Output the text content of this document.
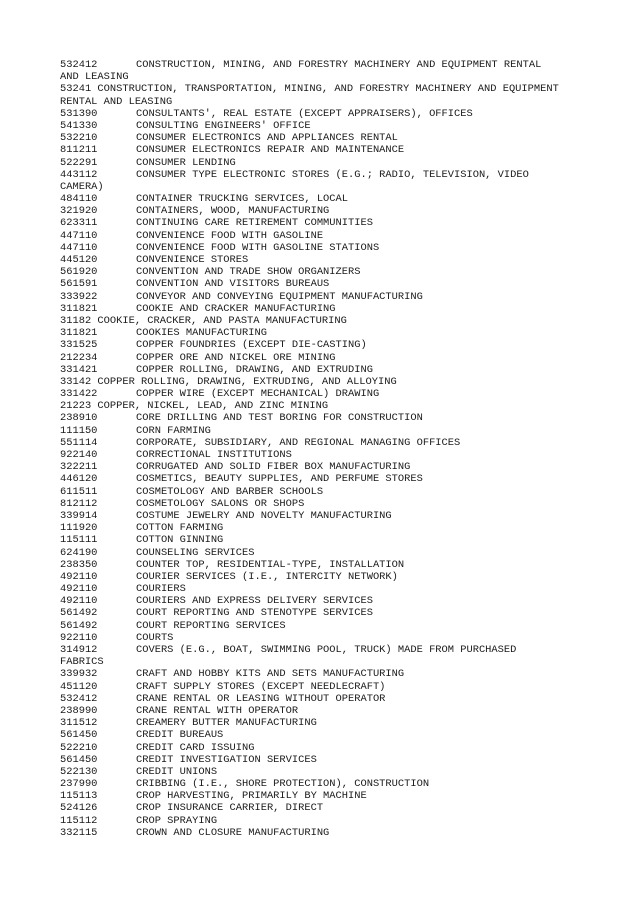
532412	CONSTRUCTION, MINING, AND FORESTRY MACHINERY AND EQUIPMENT RENTAL
AND LEASING
53241 CONSTRUCTION, TRANSPORTATION, MINING, AND FORESTRY MACHINERY AND EQUIPMENT
RENTAL AND LEASING
531390	CONSULTANTS', REAL ESTATE (EXCEPT APPRAISERS), OFFICES
541330	CONSULTING ENGINEERS' OFFICE
532210	CONSUMER ELECTRONICS AND APPLIANCES RENTAL
811211	CONSUMER ELECTRONICS REPAIR AND MAINTENANCE
522291	CONSUMER LENDING
443112	CONSUMER TYPE ELECTRONIC STORES (E.G.; RADIO, TELEVISION, VIDEO
CAMERA)
484110	CONTAINER TRUCKING SERVICES, LOCAL
321920	CONTAINERS, WOOD, MANUFACTURING
623311	CONTINUING CARE RETIREMENT COMMUNITIES
447110	CONVENIENCE FOOD WITH GASOLINE
447110	CONVENIENCE FOOD WITH GASOLINE STATIONS
445120	CONVENIENCE STORES
561920	CONVENTION AND TRADE SHOW ORGANIZERS
561591	CONVENTION AND VISITORS BUREAUS
333922	CONVEYOR AND CONVEYING EQUIPMENT MANUFACTURING
311821	COOKIE AND CRACKER MANUFACTURING
31182 COOKIE, CRACKER, AND PASTA MANUFACTURING
311821	COOKIES MANUFACTURING
331525	COPPER FOUNDRIES (EXCEPT DIE-CASTING)
212234	COPPER ORE AND NICKEL ORE MINING
331421	COPPER ROLLING, DRAWING, AND EXTRUDING
33142 COPPER ROLLING, DRAWING, EXTRUDING, AND ALLOYING
331422	COPPER WIRE (EXCEPT MECHANICAL) DRAWING
21223 COPPER, NICKEL, LEAD, AND ZINC MINING
238910	CORE DRILLING AND TEST BORING FOR CONSTRUCTION
111150	CORN FARMING
551114	CORPORATE, SUBSIDIARY, AND REGIONAL MANAGING OFFICES
922140	CORRECTIONAL INSTITUTIONS
322211	CORRUGATED AND SOLID FIBER BOX MANUFACTURING
446120	COSMETICS, BEAUTY SUPPLIES, AND PERFUME STORES
611511	COSMETOLOGY AND BARBER SCHOOLS
812112	COSMETOLOGY SALONS OR SHOPS
339914	COSTUME JEWELRY AND NOVELTY MANUFACTURING
111920	COTTON FARMING
115111	COTTON GINNING
624190	COUNSELING SERVICES
238350	COUNTER TOP, RESIDENTIAL-TYPE, INSTALLATION
492110	COURIER SERVICES (I.E., INTERCITY NETWORK)
492110	COURIERS
492110	COURIERS AND EXPRESS DELIVERY SERVICES
561492	COURT REPORTING AND STENOTYPE SERVICES
561492	COURT REPORTING SERVICES
922110	COURTS
314912	COVERS (E.G., BOAT, SWIMMING POOL, TRUCK) MADE FROM PURCHASED
FABRICS
339932	CRAFT AND HOBBY KITS AND SETS MANUFACTURING
451120	CRAFT SUPPLY STORES (EXCEPT NEEDLECRAFT)
532412	CRANE RENTAL OR LEASING WITHOUT OPERATOR
238990	CRANE RENTAL WITH OPERATOR
311512	CREAMERY BUTTER MANUFACTURING
561450	CREDIT BUREAUS
522210	CREDIT CARD ISSUING
561450	CREDIT INVESTIGATION SERVICES
522130	CREDIT UNIONS
237990	CRIBBING (I.E., SHORE PROTECTION), CONSTRUCTION
115113	CROP HARVESTING, PRIMARILY BY MACHINE
524126	CROP INSURANCE CARRIER, DIRECT
115112	CROP SPRAYING
332115	CROWN AND CLOSURE MANUFACTURING
